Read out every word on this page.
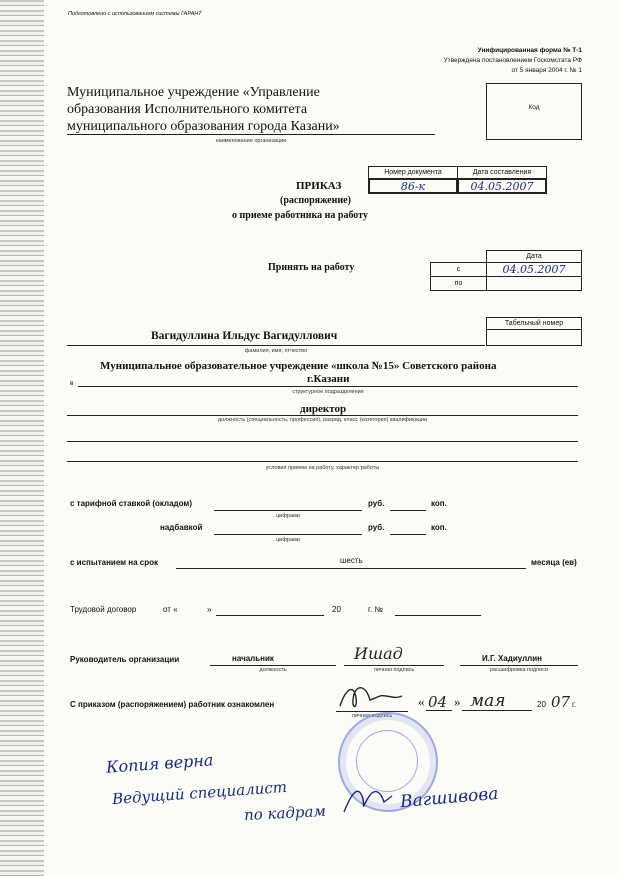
Подготовлено с использованием системы ГАРАНТ
Унифицированная форма № Т-1
Утверждена постановлением Госкомстата РФ
от 5 января 2004 г. № 1
Код
Муниципальное учреждение «Управление
образования Исполнительного комитета
муниципального образования города Казани»
наименование организации
Номер документа	Дата составления
86-к	04.05.2007
ПРИКАЗ
(распоряжение)
о приеме работника на работу
Принять на работу
Дата
с	04.05.2007
по
Табельный номер
Вагидуллина Ильдус Вагидуллович
фамилия, имя, отчество
Муниципальное образовательное учреждение «школа №15» Советского района
в	г.Казани
структурное подразделение
директор
должность (специальность, профессия), разряд, класс (категория) квалификации
условия приема на работу, характер работы
с тарифной ставкой (окладом)
цифрами
руб.	коп.
надбавкой
цифрами
руб.	коп.
с испытанием на срок	шесть	месяца (ев)
Трудовой договор	от «	»	20	г. №
Руководитель организации	начальник
должность
Ишад
личная подпись
И.Г. Хадиуллин
расшифровка подписи
С приказом (распоряжением) работник ознакомлен
личная подпись
« 04 » мая	20 07 г.
Копия верна
Ведущий специалист
по кадрам
Вагшивова
